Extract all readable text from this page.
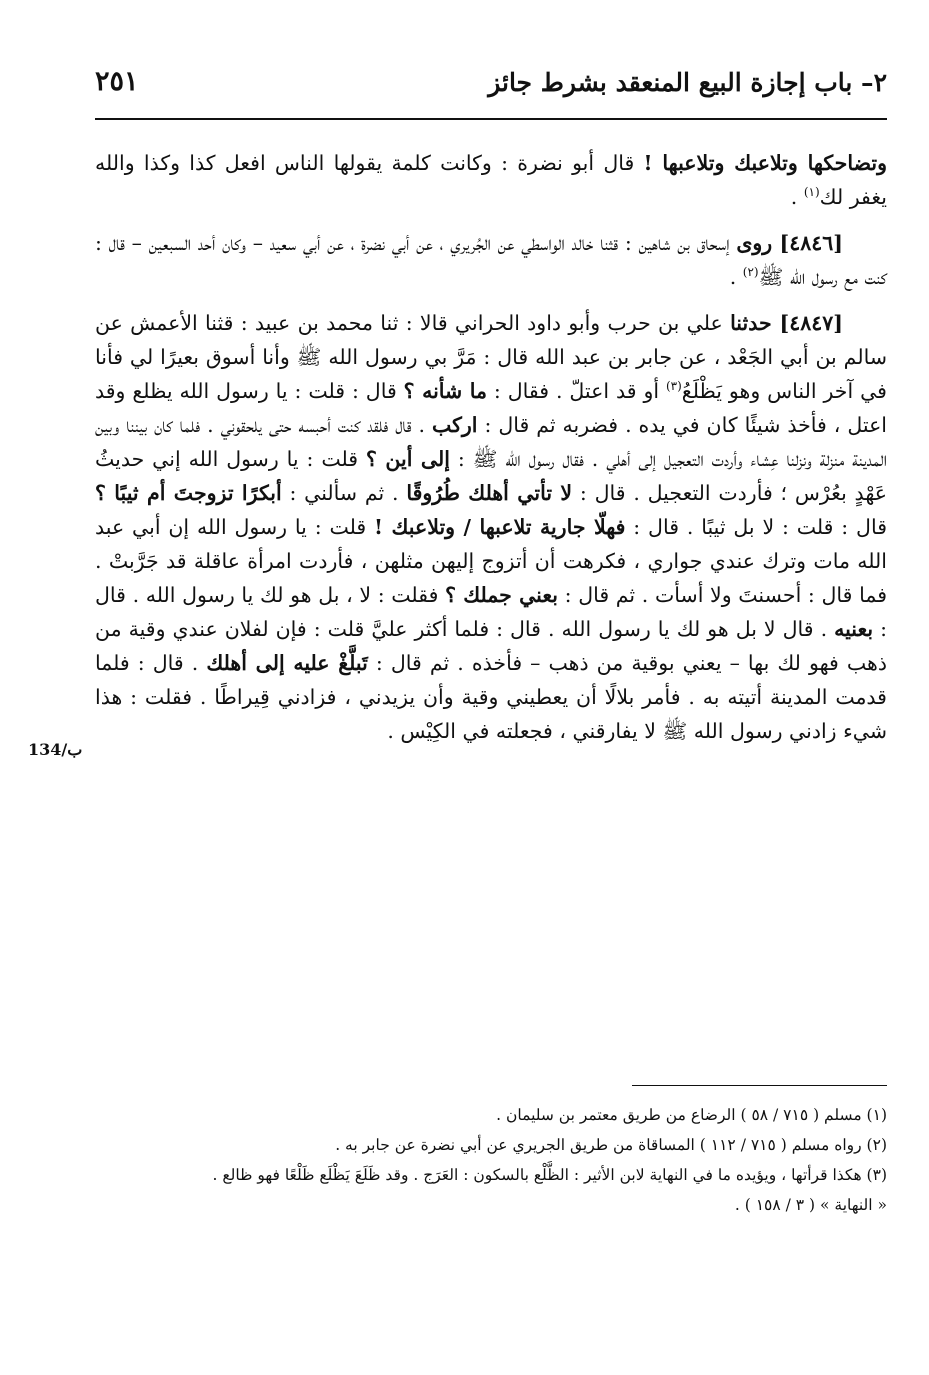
٢– باب إجازة البيع المنعقد بشرط جائز
٢٥١
134/ب

وتضاحكها وتلاعبك وتلاعبها ! قال أبو نضرة : وكانت كلمة يقولها الناس افعل كذا وكذا والله يغفر لك$^{(١)}$ .

[٤٨٤٦] روى إسحاق بن شاهين : قثنا خالد الواسطي عن الجُريري ، عن أبي نضرة ، عن أبي سعيد – وكان أحد السبعين – قال : كنت مع رسول الله ﷺ$^{(٢)}$ .

[٤٨٤٧] حدثنا علي بن حرب وأبو داود الحراني قالا : ثنا محمد بن عبيد : قثنا الأعمش عن سالم بن أبي الجَعْد ، عن جابر بن عبد الله قال : مَرَّ بي رسول الله ﷺ وأنا أسوق بعيرًا لي فأنا في آخر الناس وهو يَظْلَعُ$^{(٣)}$ أو قد اعتلّ . فقال : ما شأنه ؟ قال : قلت : يا رسول الله يظلع وقد اعتل ، فأخذ شيئًا كان في يده . فضربه ثم قال : اركب . قال فلقد كنت أحبسه حتى يلحقوني . فلما كان بيننا وبين المدينة منزلة ونزلنا عِشاء وأردت التعجيل إلى أهلي . فقال رسول الله ﷺ : إلى أين ؟ قلت : يا رسول الله إني حديثُ عَهْدٍ بعُرْس ؛ فأردت التعجيل . قال : لا تأتي أهلك طُرُوقًا . ثم سألني : أبكرًا تزوجتَ أم ثيبًا ؟ قال : قلت : لا بل ثيبًا . قال : فهلّا جارية تلاعبها / وتلاعبك ! قلت : يا رسول الله إن أبي عبد الله مات وترك عندي جواري ، فكرهت أن أتزوج إليهن مثلهن ، فأردت امرأة عاقلة قد جَرَّبتْ . فما قال : أحسنتَ ولا أسأت . ثم قال : بعني جملك ؟ فقلت : لا ، بل هو لك يا رسول الله . قال : بعنيه . قال لا بل هو لك يا رسول الله . قال : فلما أكثر عليَّ قلت : فإن لفلان عندي وقية من ذهب فهو لك بها – يعني بوقية من ذهب – فأخذه . ثم قال : تَبلَّغْ عليه إلى أهلك . قال : فلما قدمت المدينة أتيته به . فأمر بلالًا أن يعطيني وقية وأن يزيدني ، فزادني قِيراطًا . فقلت : هذا شيء زادني رسول الله ﷺ لا يفارقني ، فجعلته في الكِيْس .

(١) مسلم ( ٧١٥ / ٥٨ ) الرضاع من طريق معتمر بن سليمان .

(٢) رواه مسلم ( ٧١٥ / ١١٢ ) المساقاة من طريق الجريري عن أبي نضرة عن جابر به .

(٣) هكذا قرأتها ، ويؤيده ما في النهاية لابن الأثير : الظَّلْع بالسكون : العَرَج . وقد ظَلَعَ يَظْلَع ظَلْعًا فهو ظالع .

« النهاية » ( ٣ / ١٥٨ ) .
